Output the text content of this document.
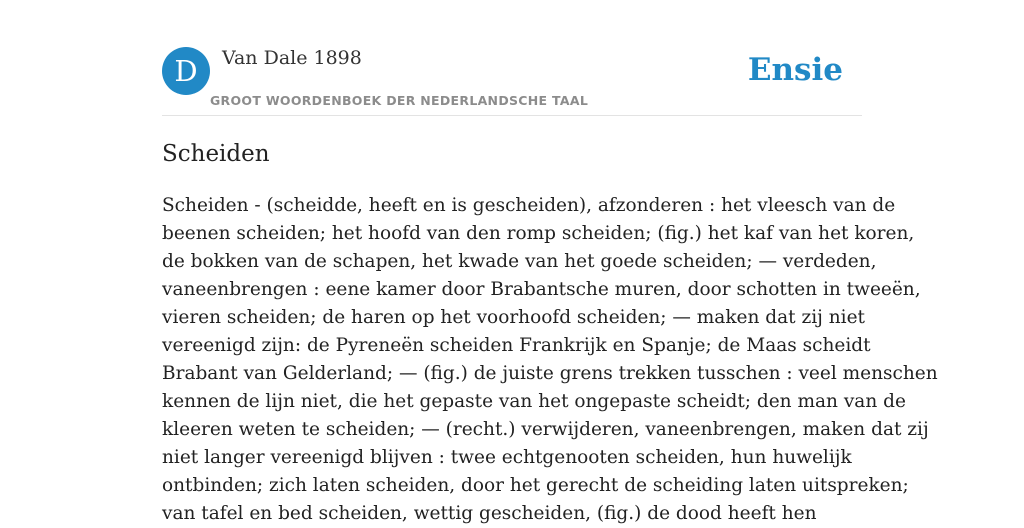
D	Van Dale 1898
GROOT WOORDENBOEK DER NEDERLANDSCHE TAAL
Ensie
Scheiden
Scheiden - (scheidde, heeft en is gescheiden), afzonderen : het vleesch van de
beenen scheiden; het hoofd van den romp scheiden; (fig.) het kaf van het koren,
de bokken van de schapen, het kwade van het goede scheiden; — verdeden,
vaneenbrengen : eene kamer door Brabantsche muren, door schotten in tweeën,
vieren scheiden; de haren op het voorhoofd scheiden; — maken dat zij niet
vereenigd zijn: de Pyreneën scheiden Frankrijk en Spanje; de Maas scheidt
Brabant van Gelderland; — (fig.) de juiste grens trekken tusschen : veel menschen
kennen de lijn niet, die het gepaste van het ongepaste scheidt; den man van de
kleeren weten te scheiden; — (recht.) verwijderen, vaneenbrengen, maken dat zij
niet langer vereenigd blijven : twee echtgenooten scheiden, hun huwelijk
ontbinden; zich laten scheiden, door het gerecht de scheiding laten uitspreken;
van tafel en bed scheiden, wettig gescheiden, (fig.) de dood heeft hen
